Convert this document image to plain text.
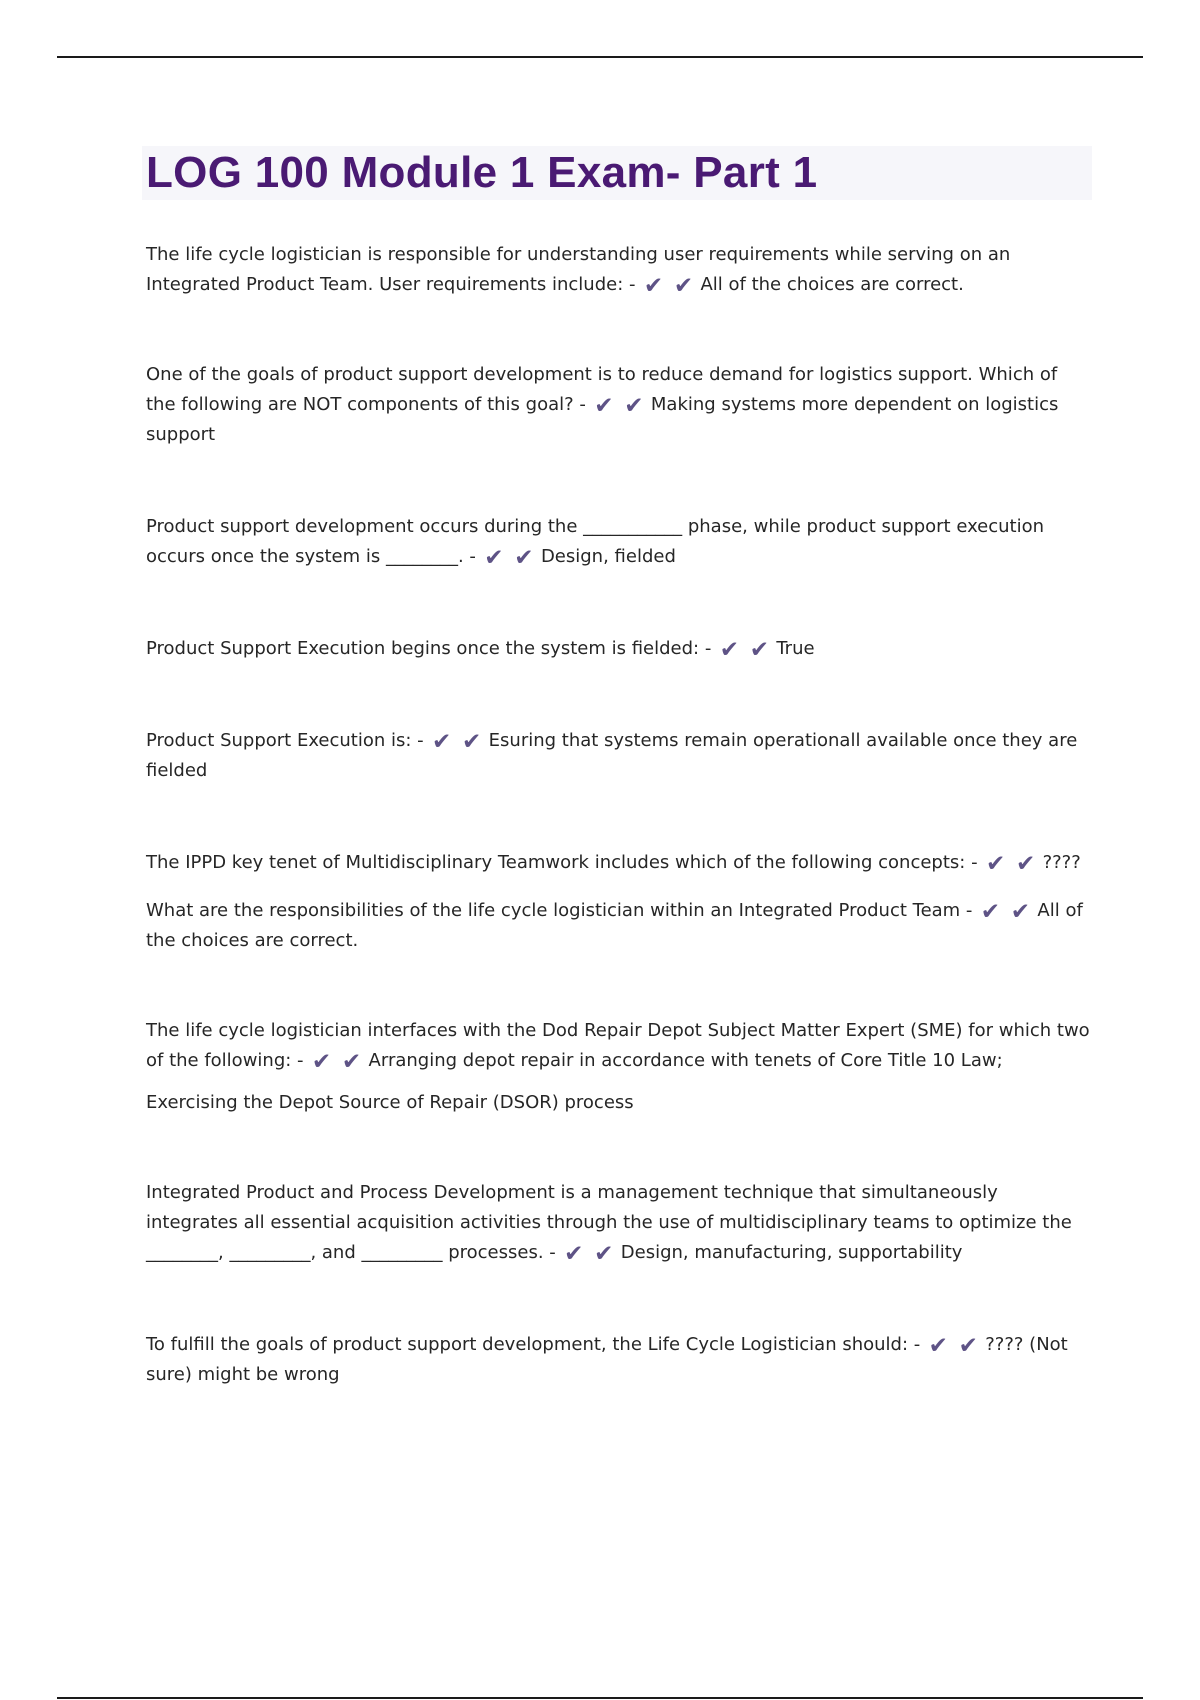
LOG 100 Module 1 Exam- Part 1

The life cycle logistician is responsible for understanding user requirements while serving on an Integrated Product Team. User requirements include: - ✔ ✔ All of the choices are correct.

One of the goals of product support development is to reduce demand for logistics support. Which of the following are NOT components of this goal? - ✔ ✔ Making systems more dependent on logistics support

Product support development occurs during the ___________ phase, while product support execution occurs once the system is ________. - ✔ ✔ Design, fielded

Product Support Execution begins once the system is fielded: - ✔ ✔ True

Product Support Execution is: - ✔ ✔ Esuring that systems remain operationall available once they are fielded

The IPPD key tenet of Multidisciplinary Teamwork includes which of the following concepts: - ✔ ✔ ????

What are the responsibilities of the life cycle logistician within an Integrated Product Team - ✔ ✔ All of the choices are correct.

The life cycle logistician interfaces with the Dod Repair Depot Subject Matter Expert (SME) for which two of the following: - ✔ ✔ Arranging depot repair in accordance with tenets of Core Title 10 Law;

Exercising the Depot Source of Repair (DSOR) process

Integrated Product and Process Development is a management technique that simultaneously integrates all essential acquisition activities through the use of multidisciplinary teams to optimize the ________, _________, and _________ processes. - ✔ ✔ Design, manufacturing, supportability

To fulfill the goals of product support development, the Life Cycle Logistician should: - ✔ ✔ ???? (Not sure) might be wrong
